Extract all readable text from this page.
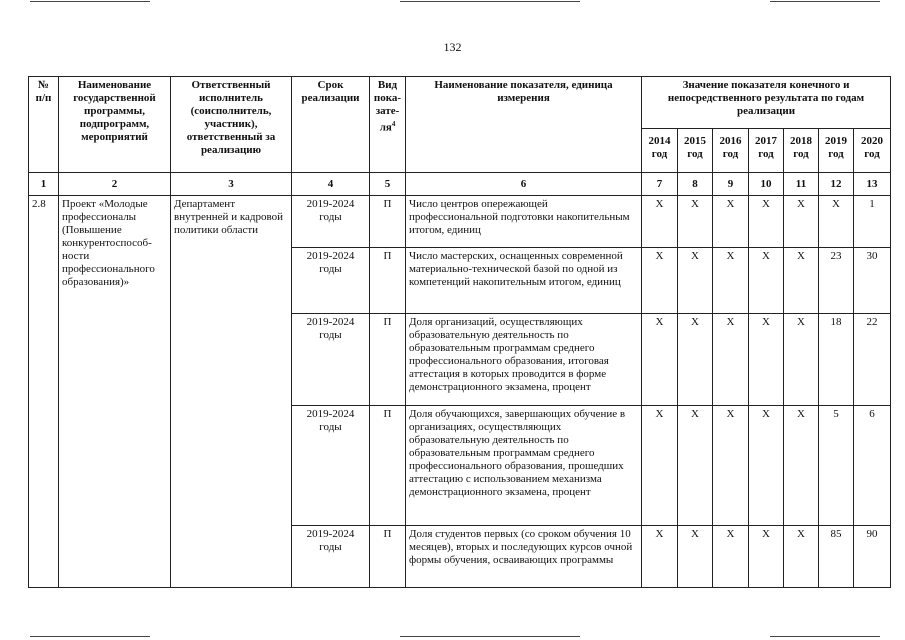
132
№ п/п	Наименование государственной программы, подпрограмм, мероприятий	Ответственный исполнитель (соисполнитель, участник), ответственный за реализацию	Срок реализации	Вид пока-$зате-ля^4$	Наименование показателя, единица измерения	Значение показателя конечного и непосредственного результата по годам реализации						
						2014 год	2015 год	2016 год	2017 год	2018 год	2019 год	2020 год
1	2	3	4	5	6	7	8	9	10	11	12	13
2.8	Проект «Молодые профессионалы (Повышение конкурентоспособ-ности профессионального образования)»	Департамент внутренней и кадровой политики области	2019-2024 годы	П	Число центров опережающей профессиональной подготовки накопительным итогом, единиц	X	X	X	X	X	X	1
			2019-2024 годы	П	Число мастерских, оснащенных современной материально-технической базой по одной из компетенций накопительным итогом, единиц	X	X	X	X	X	23	30
			2019-2024 годы	П	Доля организаций, осуществляющих образовательную деятельность по образовательным программам среднего профессионального образования, итоговая аттестация в которых проводится в форме демонстрационного экзамена, процент	X	X	X	X	X	18	22
			2019-2024 годы	П	Доля обучающихся, завершающих обучение в организациях, осуществляющих образовательную деятельность по образовательным программам среднего профессионального образования, прошедших аттестацию с использованием механизма демонстрационного экзамена, процент	X	X	X	X	X	5	6
			2019-2024 годы	П	Доля студентов первых (со сроком обучения 10 месяцев), вторых и последующих курсов очной формы обучения, осваивающих программы	X	X	X	X	X	85	90
